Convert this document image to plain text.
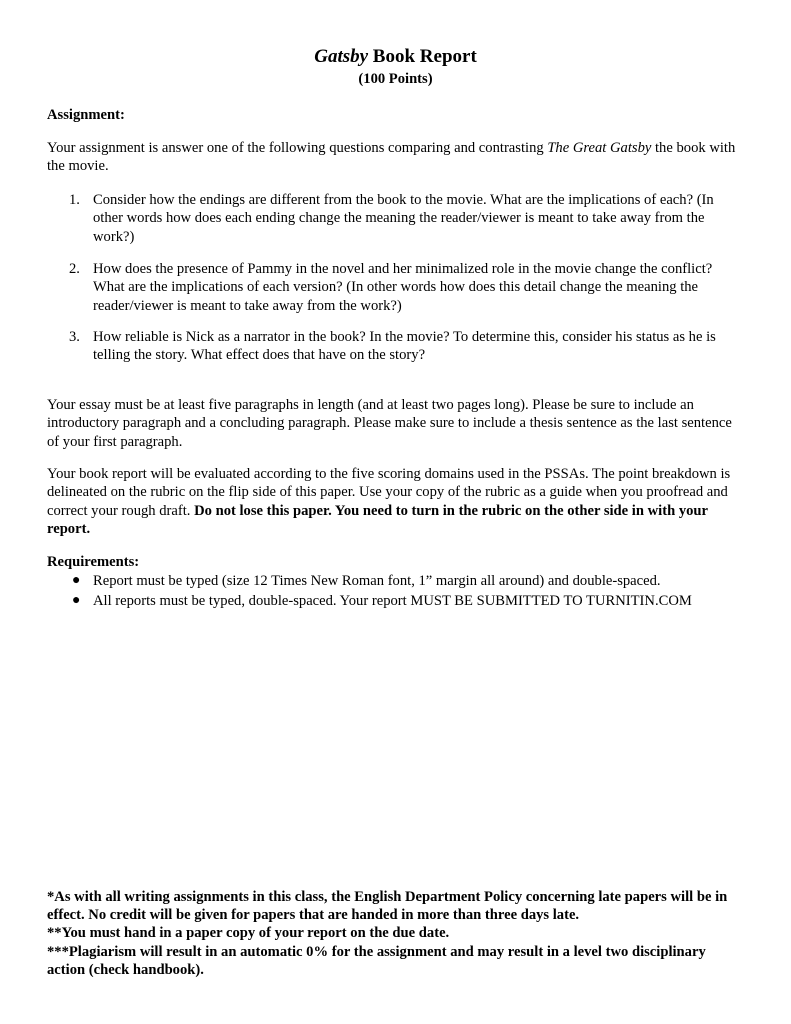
Gatsby Book Report
(100 Points)
Assignment:
Your assignment is answer one of the following questions comparing and contrasting The Great Gatsby the book with the movie.
1. Consider how the endings are different from the book to the movie. What are the implications of each? (In other words how does each ending change the meaning the reader/viewer is meant to take away from the work?)
2. How does the presence of Pammy in the novel and her minimalized role in the movie change the conflict? What are the implications of each version? (In other words how does this detail change the meaning the reader/viewer is meant to take away from the work?)
3. How reliable is Nick as a narrator in the book? In the movie? To determine this, consider his status as he is telling the story. What effect does that have on the story?
Your essay must be at least five paragraphs in length (and at least two pages long). Please be sure to include an introductory paragraph and a concluding paragraph. Please make sure to include a thesis sentence as the last sentence of your first paragraph.
Your book report will be evaluated according to the five scoring domains used in the PSSAs. The point breakdown is delineated on the rubric on the flip side of this paper. Use your copy of the rubric as a guide when you proofread and correct your rough draft. Do not lose this paper. You need to turn in the rubric on the other side in with your report.
Requirements:
● Report must be typed (size 12 Times New Roman font, 1” margin all around) and double-spaced.
● All reports must be typed, double-spaced. Your report MUST BE SUBMITTED TO TURNITIN.COM

*As with all writing assignments in this class, the English Department Policy concerning late papers will be in effect. No credit will be given for papers that are handed in more than three days late.

**You must hand in a paper copy of your report on the due date.

***Plagiarism will result in an automatic 0% for the assignment and may result in a level two disciplinary action (check handbook).
